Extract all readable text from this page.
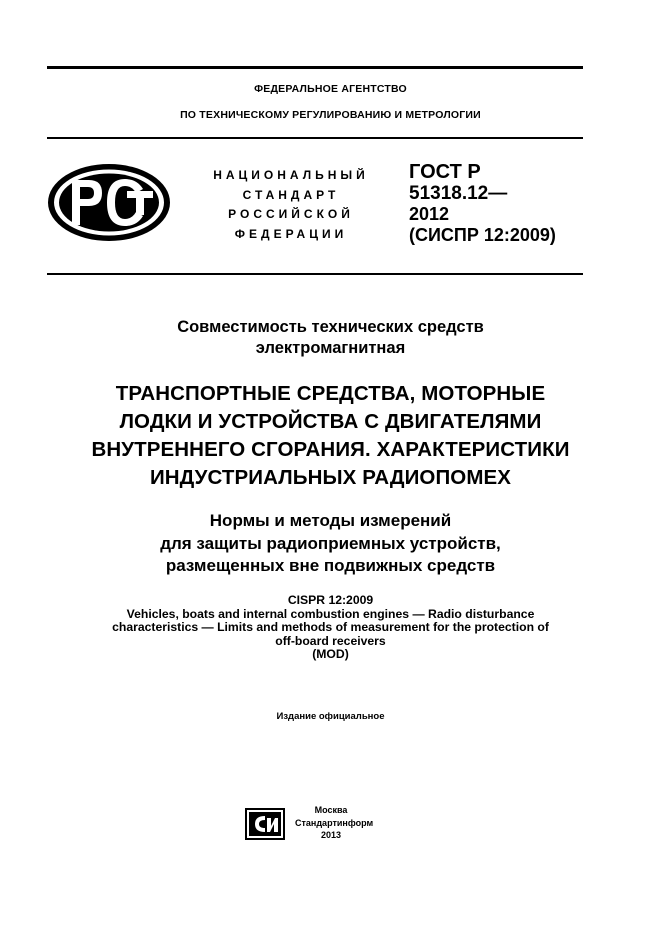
ФЕДЕРАЛЬНОЕ АГЕНТСТВО
ПО ТЕХНИЧЕСКОМУ РЕГУЛИРОВАНИЮ И МЕТРОЛОГИИ
НАЦИОНАЛЬНЫЙ
СТАНДАРТ
РОССИЙСКОЙ
ФЕДЕРАЦИИ
ГОСТ Р
51318.12—
2012
(СИСПР 12:2009)
Совместимость технических средств
электромагнитная
ТРАНСПОРТНЫЕ СРЕДСТВА, МОТОРНЫЕ
ЛОДКИ И УСТРОЙСТВА С ДВИГАТЕЛЯМИ
ВНУТРЕННЕГО СГОРАНИЯ. ХАРАКТЕРИСТИКИ
ИНДУСТРИАЛЬНЫХ РАДИОПОМЕХ
Нормы и методы измерений
для защиты радиоприемных устройств,
размещенных вне подвижных средств
CISPR 12:2009
Vehicles, boats and internal combustion engines — Radio disturbance
characteristics — Limits and methods of measurement for the protection of
off-board receivers
(MOD)
Издание официальное
Москва
Стандартинформ
2013
